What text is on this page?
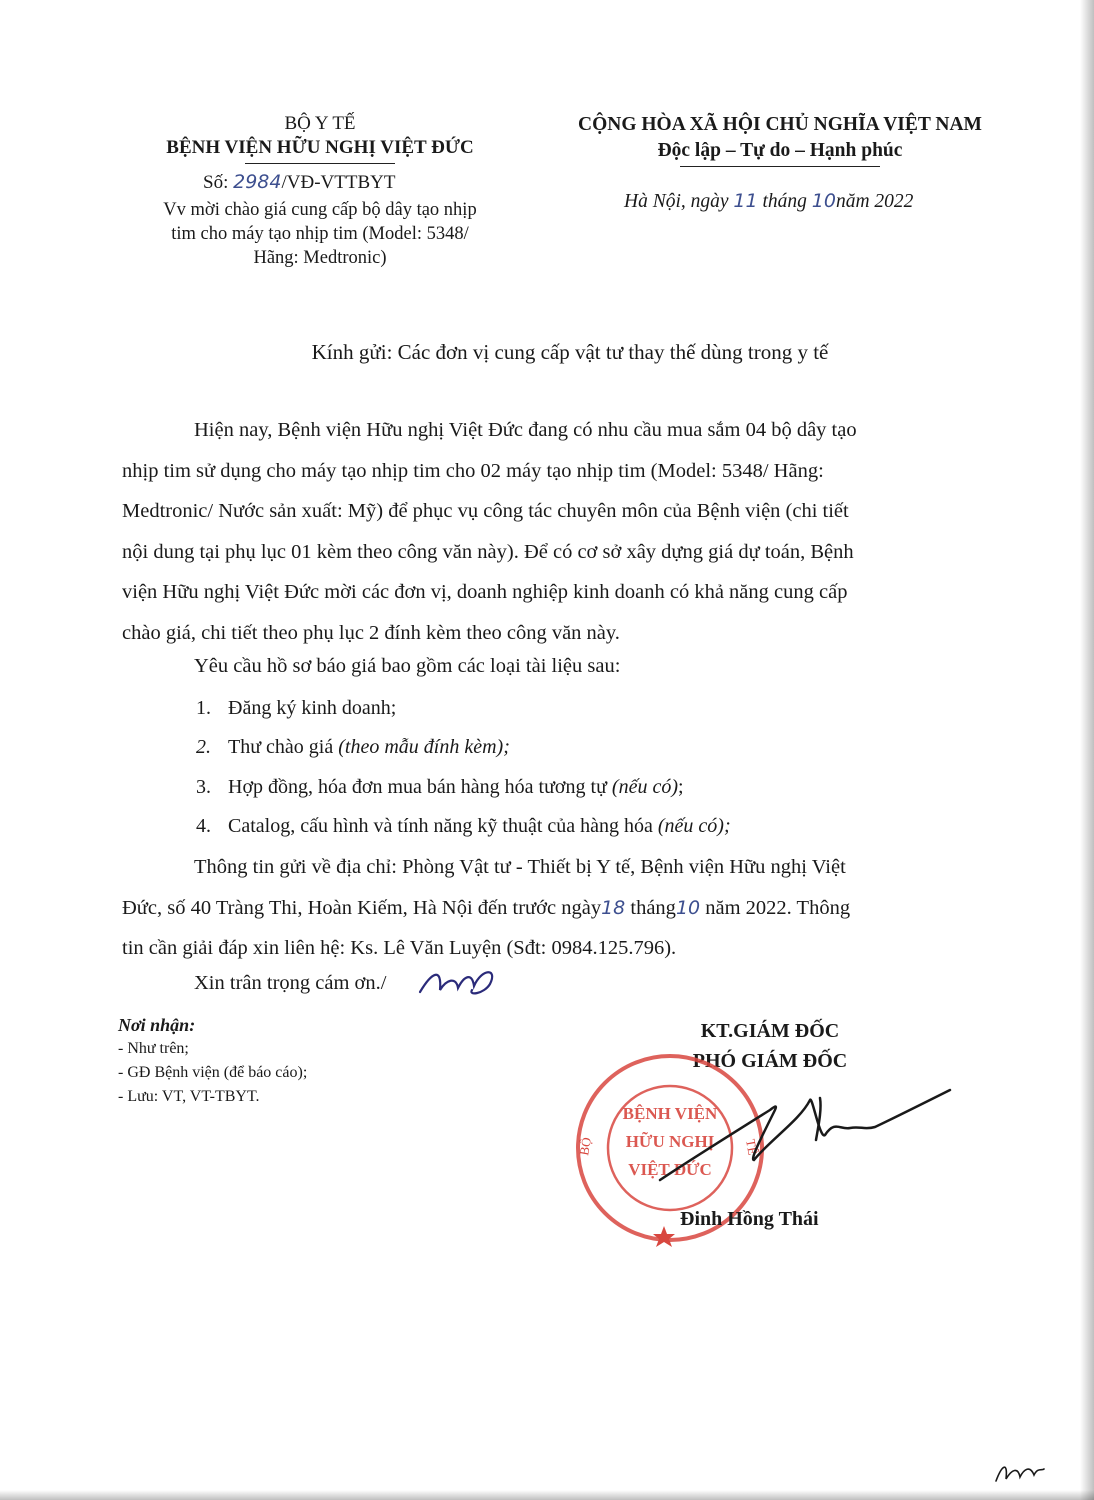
BỘ Y TẾ
BỆNH VIỆN HỮU NGHỊ VIỆT ĐỨC
Số: 2984/VĐ-VTTBYT
Vv mời chào giá cung cấp bộ dây tạo nhịp
tim cho máy tạo nhịp tim (Model: 5348/
Hãng: Medtronic)
CỘNG HÒA XÃ HỘI CHỦ NGHĨA VIỆT NAM
Độc lập – Tự do – Hạnh phúc
Hà Nội, ngày 11 tháng 10năm 2022
Kính gửi: Các đơn vị cung cấp vật tư thay thế dùng trong y tế
Hiện nay, Bệnh viện Hữu nghị Việt Đức đang có nhu cầu mua sắm 04 bộ dây tạo
nhịp tim sử dụng cho máy tạo nhịp tim cho 02 máy tạo nhịp tim (Model: 5348/ Hãng:
Medtronic/ Nước sản xuất: Mỹ) để phục vụ công tác chuyên môn của Bệnh viện (chi tiết
nội dung tại phụ lục 01 kèm theo công văn này). Để có cơ sở xây dựng giá dự toán, Bệnh
viện Hữu nghị Việt Đức mời các đơn vị, doanh nghiệp kinh doanh có khả năng cung cấp
chào giá, chi tiết theo phụ lục 2 đính kèm theo công văn này.
Yêu cầu hồ sơ báo giá bao gồm các loại tài liệu sau:
1. Đăng ký kinh doanh;
2. Thư chào giá (theo mẫu đính kèm);
3. Hợp đồng, hóa đơn mua bán hàng hóa tương tự (nếu có);
4. Catalog, cấu hình và tính năng kỹ thuật của hàng hóa (nếu có);
Thông tin gửi về địa chỉ: Phòng Vật tư - Thiết bị Y tế, Bệnh viện Hữu nghị Việt
Đức, số 40 Tràng Thi, Hoàn Kiếm, Hà Nội đến trước ngày18 tháng10 năm 2022. Thông
tin cần giải đáp xin liên hệ: Ks. Lê Văn Luyện (Sđt: 0984.125.796).
Xin trân trọng cám ơn./
Nơi nhận:
- Như trên;
- GĐ Bệnh viện (để báo cáo);
- Lưu: VT, VT-TBYT.
KT.GIÁM ĐỐC
PHÓ GIÁM ĐỐC
BỘ	TẾ
BỆNH VIỆN
HỮU NGHỊ
VIỆT ĐỨC
Đinh Hồng Thái
